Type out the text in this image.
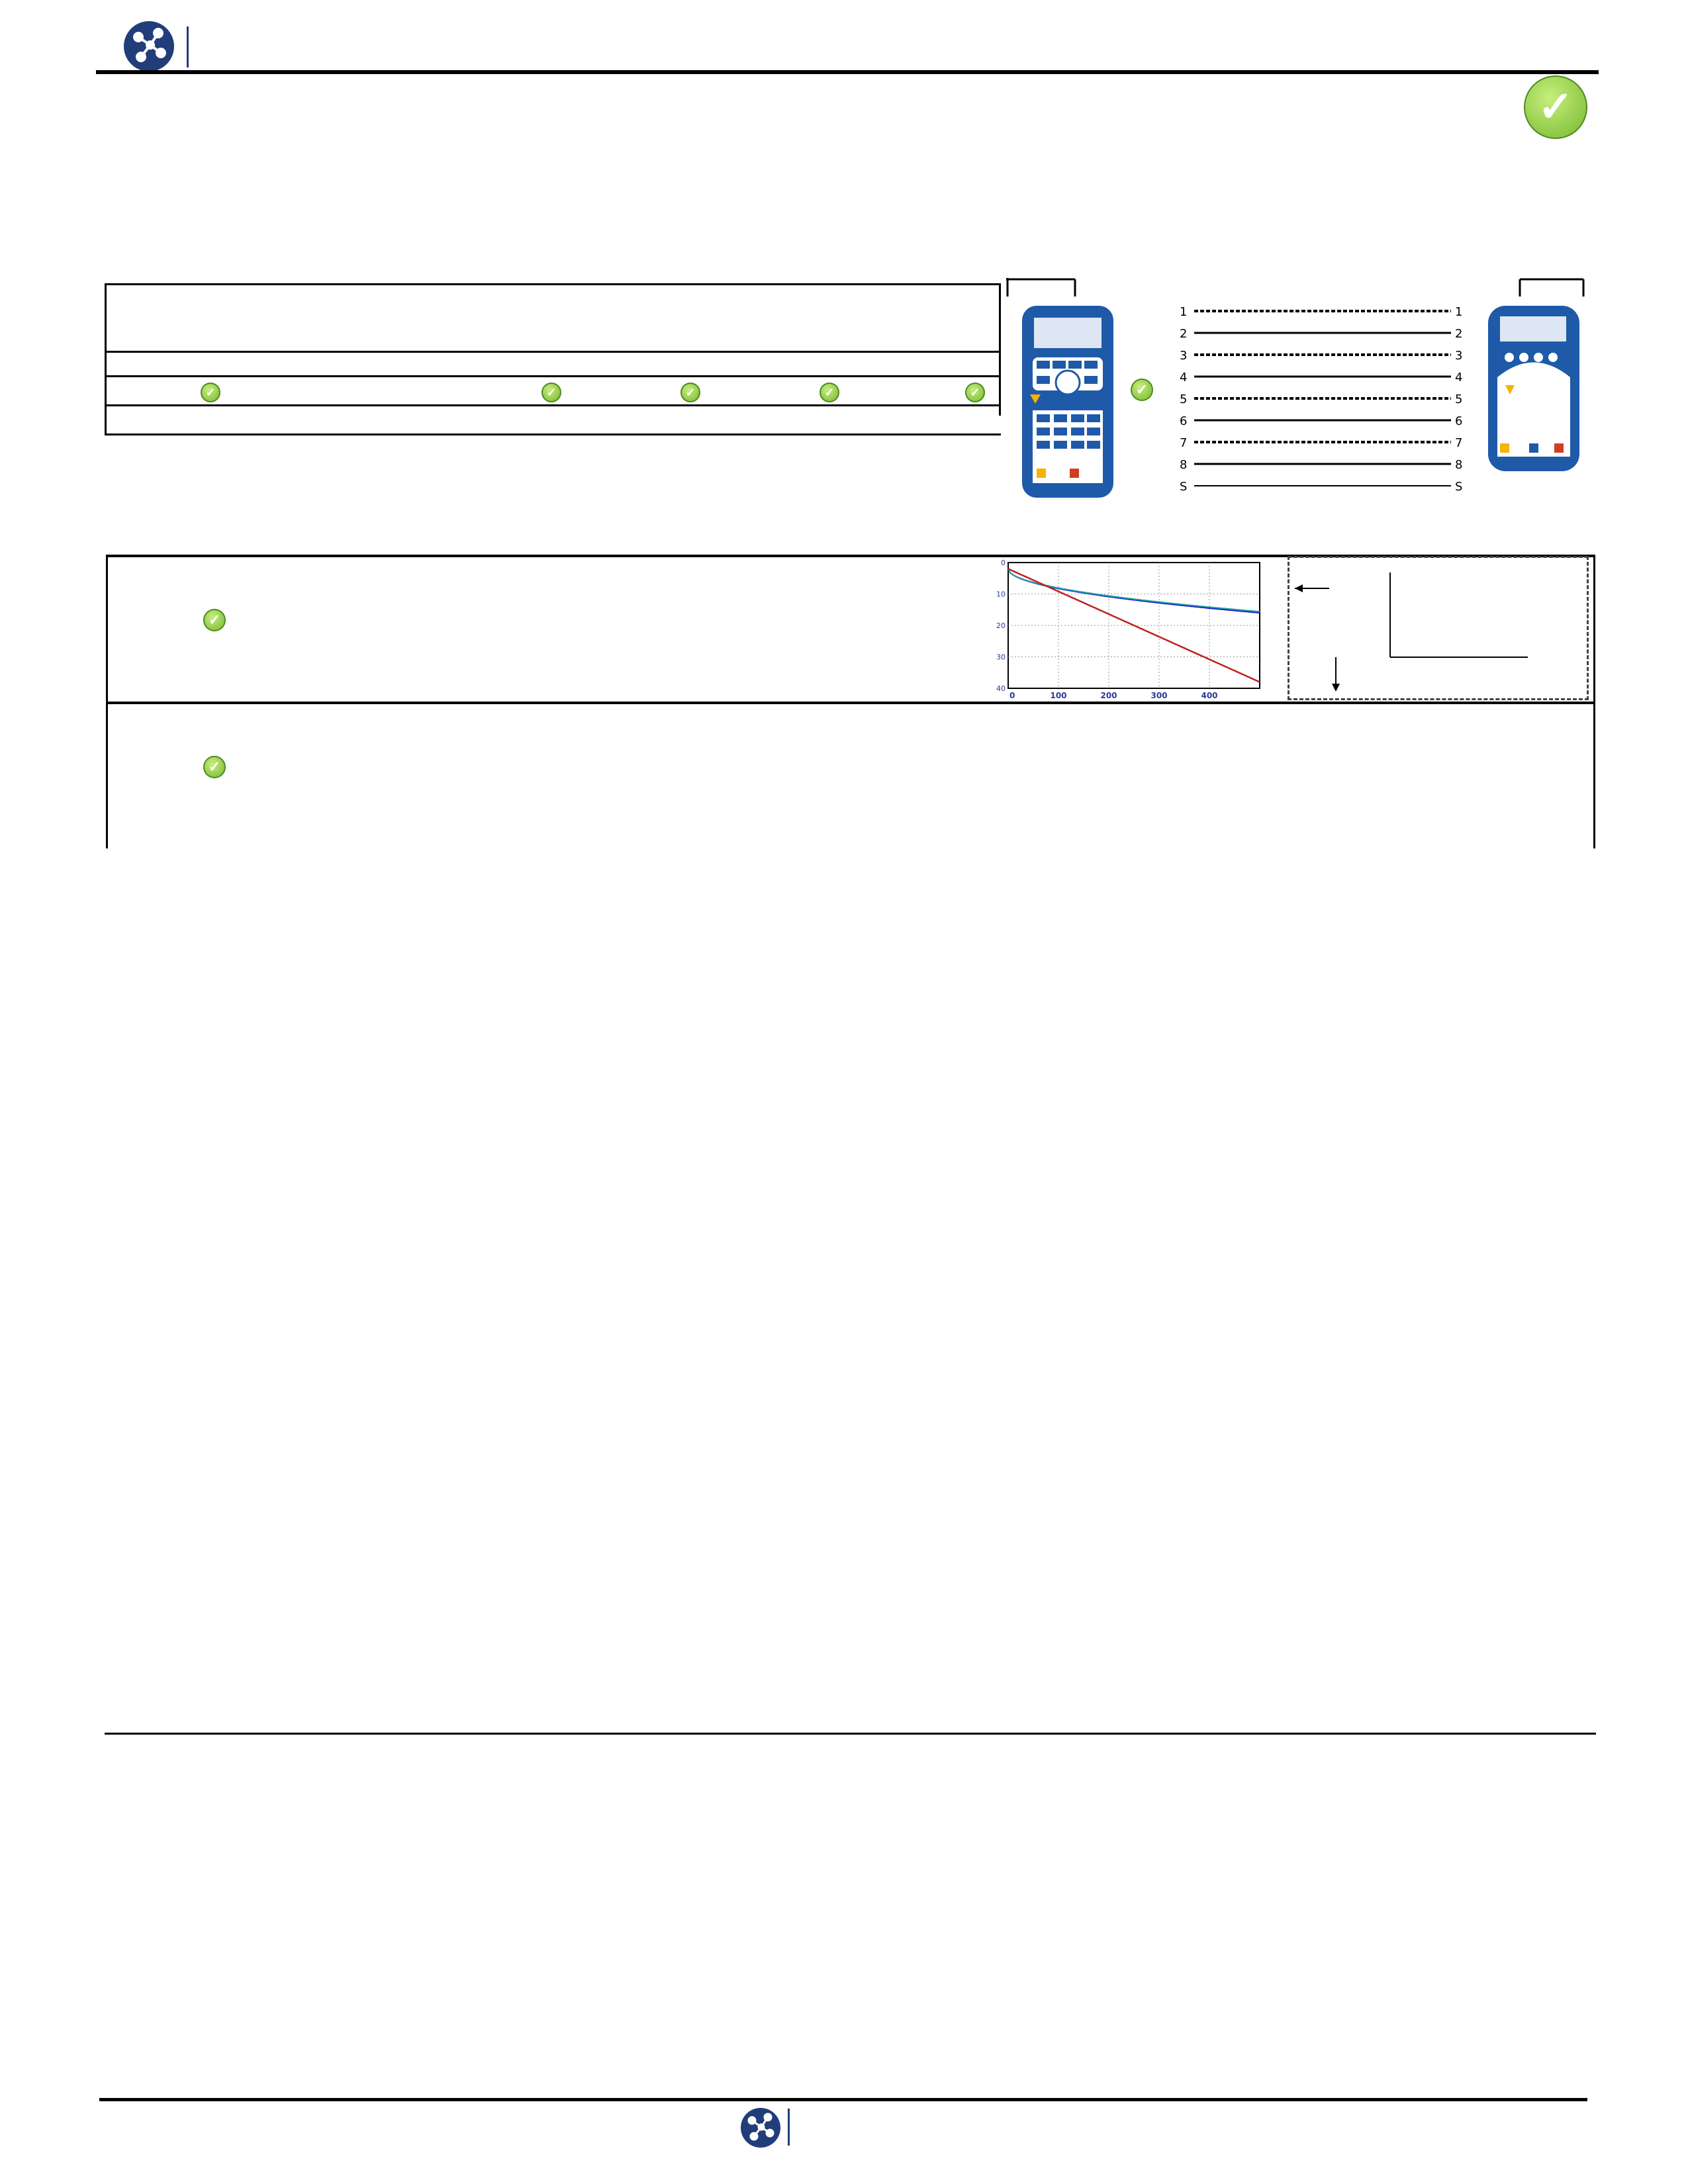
✓
✓	✓	✓	✓	✓
1	1
2	2
3	3
4	4
5	5
6	6
7	7
8	8
S	S
✓
✓
0
10
20
30
40
0	100	200	300	400
✓
